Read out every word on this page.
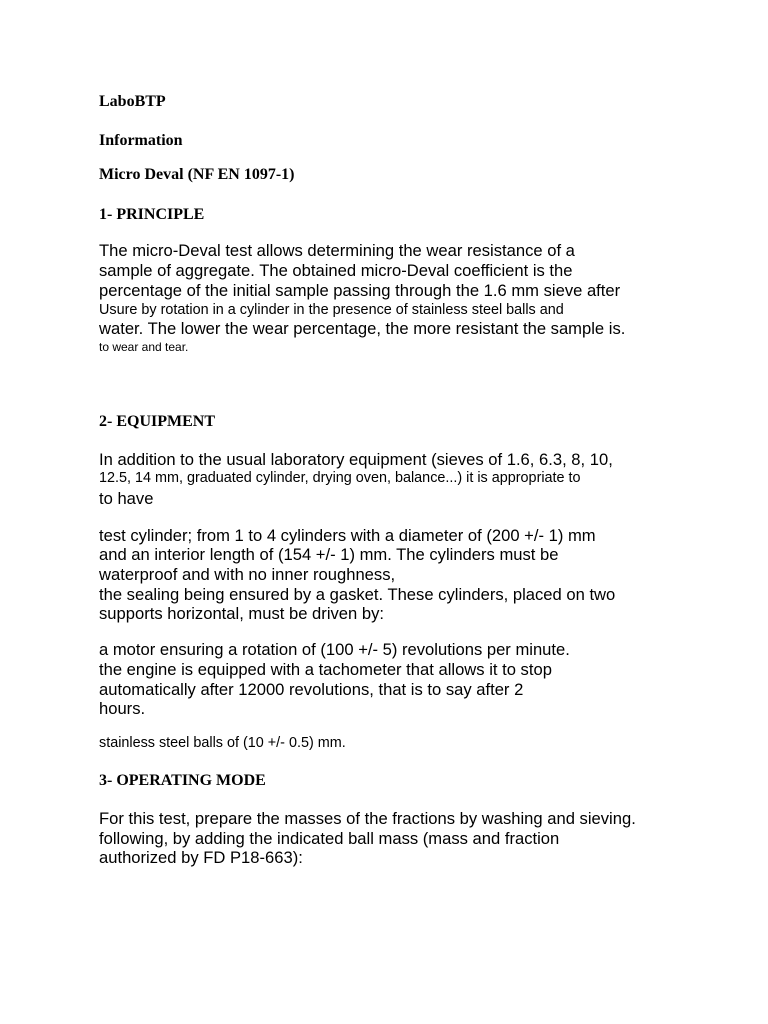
LaboBTP

Information

Micro Deval (NF EN 1097-1)

1- PRINCIPLE

The micro-Deval test allows determining the wear resistance of a

sample of aggregate. The obtained micro-Deval coefficient is the

percentage of the initial sample passing through the 1.6 mm sieve after

Usure by rotation in a cylinder in the presence of stainless steel balls and

water. The lower the wear percentage, the more resistant the sample is.

to wear and tear.

2- EQUIPMENT

In addition to the usual laboratory equipment (sieves of 1.6, 6.3, 8, 10,

12.5, 14 mm, graduated cylinder, drying oven, balance...) it is appropriate to

to have

test cylinder; from 1 to 4 cylinders with a diameter of (200 +/- 1) mm

and an interior length of (154 +/- 1) mm. The cylinders must be

waterproof and with no inner roughness,

the sealing being ensured by a gasket. These cylinders, placed on two

supports horizontal, must be driven by:

a motor ensuring a rotation of (100 +/- 5) revolutions per minute.

the engine is equipped with a tachometer that allows it to stop

automatically after 12000 revolutions, that is to say after 2

hours.

stainless steel balls of (10 +/- 0.5) mm.

3- OPERATING MODE

For this test, prepare the masses of the fractions by washing and sieving.

following, by adding the indicated ball mass (mass and fraction

authorized by FD P18-663):
